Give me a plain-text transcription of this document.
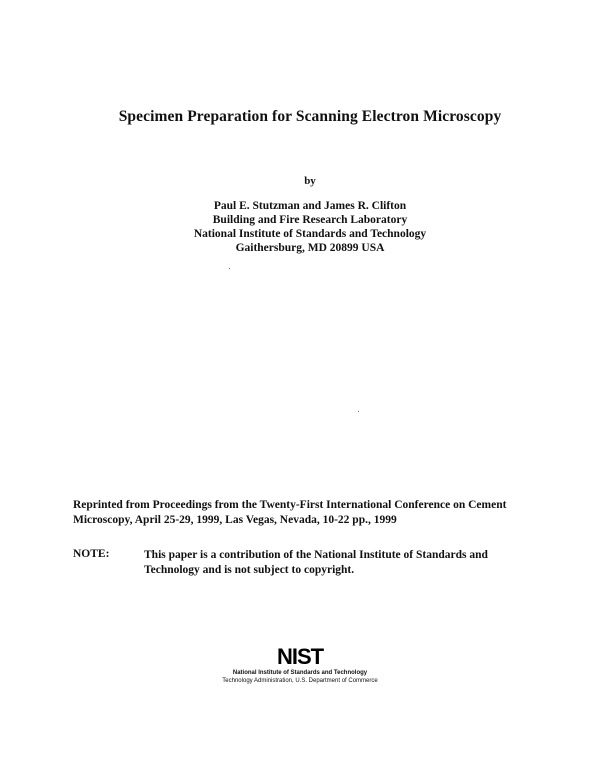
Specimen Preparation for Scanning Electron Microscopy
by
Paul E. Stutzman and James R. Clifton
Building and Fire Research Laboratory
National Institute of Standards and Technology
Gaithersburg, MD 20899 USA
Reprinted from Proceedings from the Twenty-First International Conference on Cement
Microscopy, April 25-29, 1999, Las Vegas, Nevada, 10-22 pp., 1999
NOTE:	This paper is a contribution of the National Institute of Standards and
Technology and is not subject to copyright.
NIST
National Institute of Standards and Technology
Technology Administration, U.S. Department of Commerce
